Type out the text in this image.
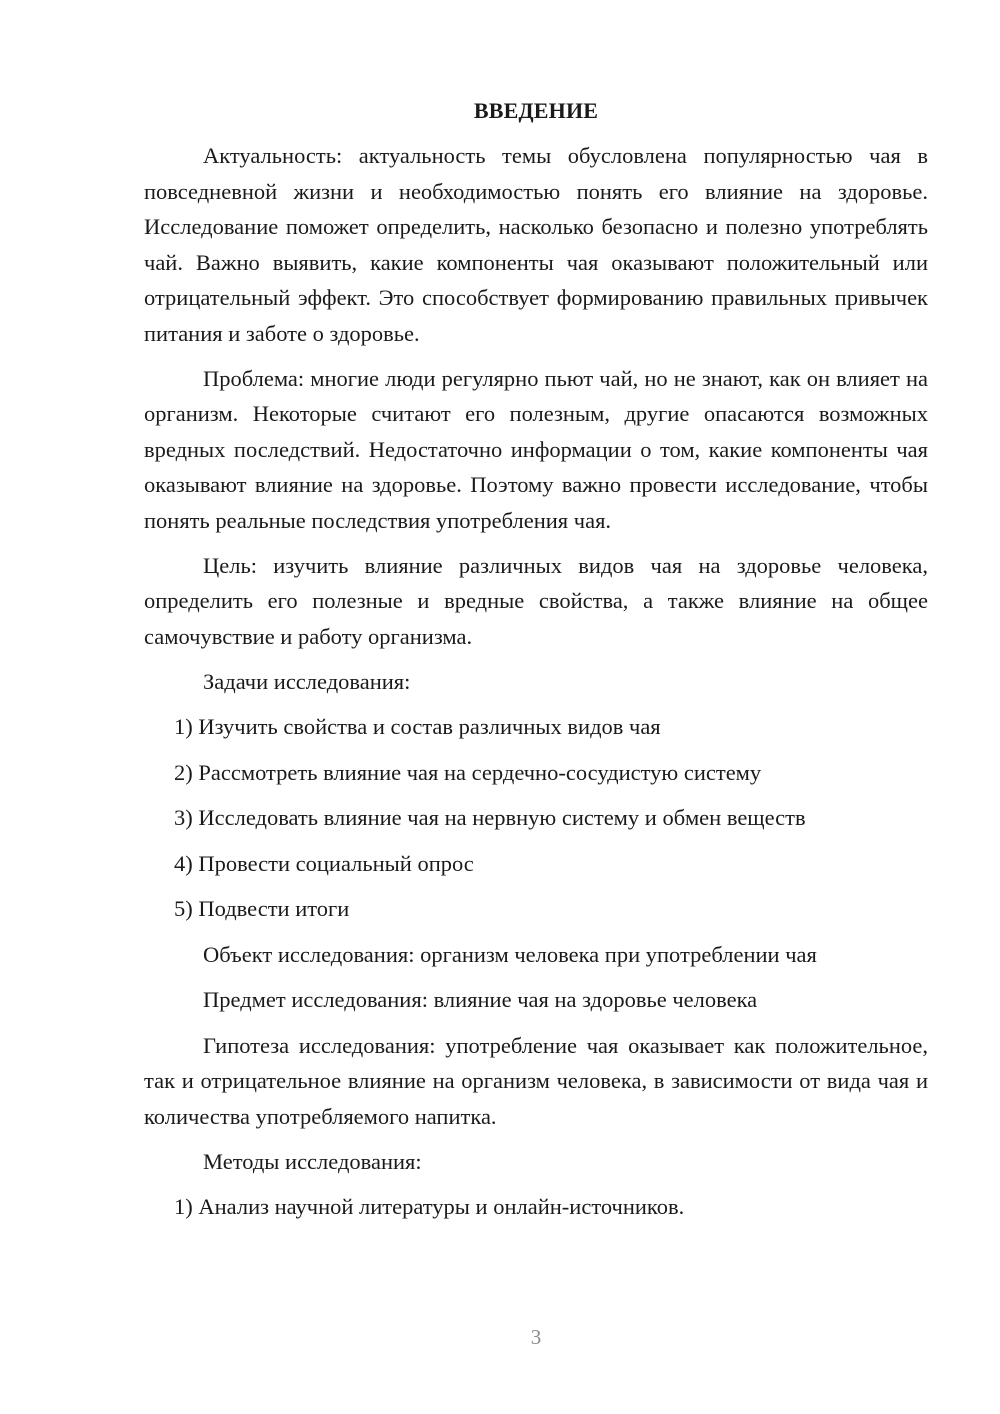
ВВЕДЕНИЕ

Актуальность: актуальность темы обусловлена популярностью чая в повседневной жизни и необходимостью понять его влияние на здоровье. Исследование поможет определить, насколько безопасно и полезно употреблять чай. Важно выявить, какие компоненты чая оказывают положительный или отрицательный эффект. Это способствует формированию правильных привычек питания и заботе о здоровье.

Проблема: многие люди регулярно пьют чай, но не знают, как он влияет на организм. Некоторые считают его полезным, другие опасаются возможных вредных последствий. Недостаточно информации о том, какие компоненты чая оказывают влияние на здоровье. Поэтому важно провести исследование, чтобы понять реальные последствия употребления чая.

Цель: изучить влияние различных видов чая на здоровье человека, определить его полезные и вредные свойства, а также влияние на общее самочувствие и работу организма.

Задачи исследования:
1) Изучить свойства и состав различных видов чая
2) Рассмотреть влияние чая на сердечно-сосудистую систему
3) Исследовать влияние чая на нервную систему и обмен веществ
4) Провести социальный опрос
5) Подвести итоги
Объект исследования: организм человека при употреблении чая
Предмет исследования: влияние чая на здоровье человека

Гипотеза исследования: употребление чая оказывает как положительное, так и отрицательное влияние на организм человека, в зависимости от вида чая и количества употребляемого напитка.

Методы исследования:
1) Анализ научной литературы и онлайн-источников.
3
